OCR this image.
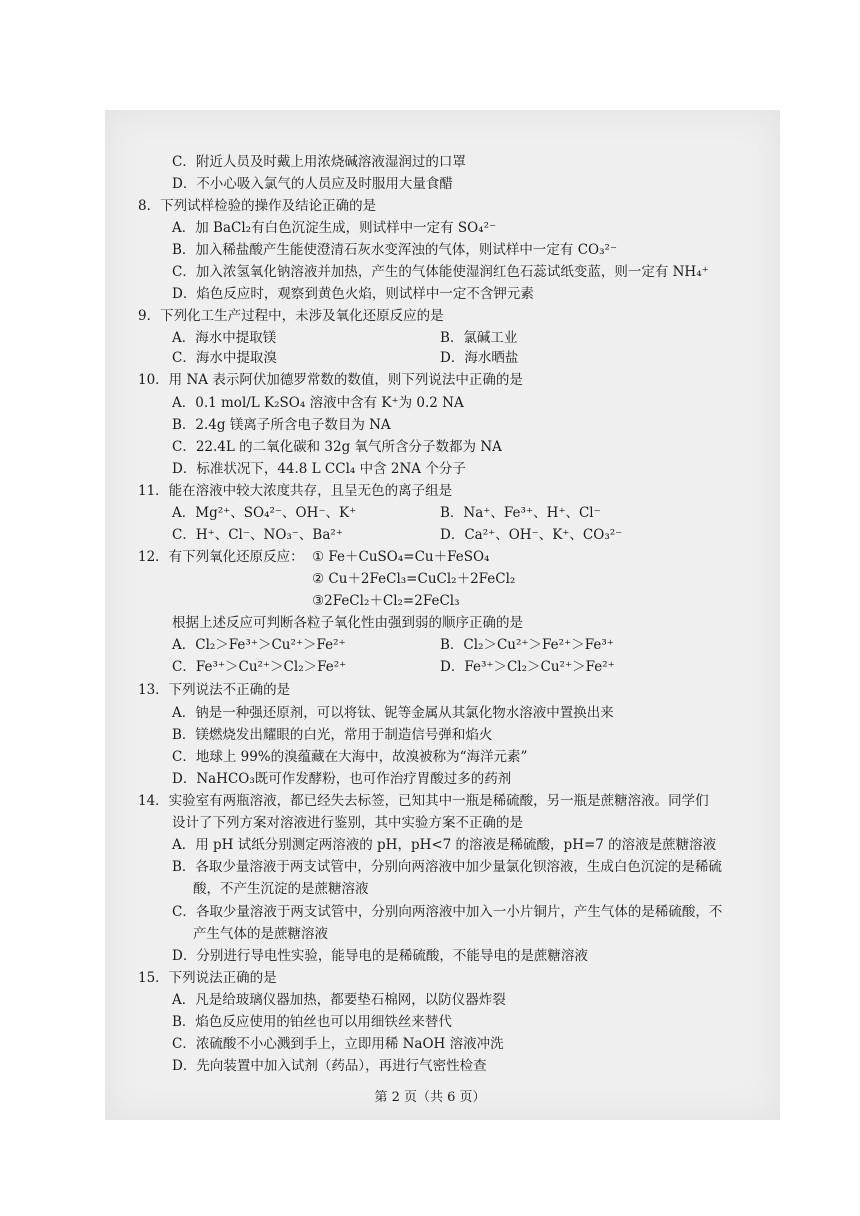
C．附近人员及时戴上用浓烧碱溶液湿润过的口罩
D．不小心吸入氯气的人员应及时服用大量食醋
8．下列试样检验的操作及结论正确的是
A．加 BaCl₂有白色沉淀生成，则试样中一定有 SO₄²⁻
B．加入稀盐酸产生能使澄清石灰水变浑浊的气体，则试样中一定有 CO₃²⁻
C．加入浓氢氧化钠溶液并加热，产生的气体能使湿润红色石蕊试纸变蓝，则一定有 NH₄⁺
D．焰色反应时，观察到黄色火焰，则试样中一定不含钾元素
9．下列化工生产过程中，未涉及氧化还原反应的是
A．海水中提取镁	B．氯碱工业
C．海水中提取溴	D．海水晒盐
10．用 NA 表示阿伏加德罗常数的数值，则下列说法中正确的是
A．0.1 mol/L K₂SO₄ 溶液中含有 K⁺为 0.2 NA
B．2.4g 镁离子所含电子数目为 NA
C．22.4L 的二氧化碳和 32g 氧气所含分子数都为 NA
D．标准状况下，44.8 L CCl₄ 中含 2NA 个分子
11．能在溶液中较大浓度共存，且呈无色的离子组是
A．Mg²⁺、SO₄²⁻、OH⁻、K⁺	B．Na⁺、Fe³⁺、H⁺、Cl⁻
C．H⁺、Cl⁻、NO₃⁻、Ba²⁺	D．Ca²⁺、OH⁻、K⁺、CO₃²⁻
12．有下列氧化还原反应： ① Fe＋CuSO₄=Cu＋FeSO₄
② Cu＋2FeCl₃=CuCl₂＋2FeCl₂
③2FeCl₂＋Cl₂=2FeCl₃
根据上述反应可判断各粒子氧化性由强到弱的顺序正确的是
A．Cl₂＞Fe³⁺＞Cu²⁺＞Fe²⁺	B．Cl₂＞Cu²⁺＞Fe²⁺＞Fe³⁺
C．Fe³⁺＞Cu²⁺＞Cl₂＞Fe²⁺	D．Fe³⁺＞Cl₂＞Cu²⁺＞Fe²⁺
13．下列说法不正确的是
A．钠是一种强还原剂，可以将钛、铌等金属从其氯化物水溶液中置换出来
B．镁燃烧发出耀眼的白光，常用于制造信号弹和焰火
C．地球上 99%的溴蕴藏在大海中，故溴被称为“海洋元素”
D．NaHCO₃既可作发酵粉，也可作治疗胃酸过多的药剂
14．实验室有两瓶溶液，都已经失去标签，已知其中一瓶是稀硫酸，另一瓶是蔗糖溶液。同学们
设计了下列方案对溶液进行鉴别，其中实验方案不正确的是
A．用 pH 试纸分别测定两溶液的 pH，pH<7 的溶液是稀硫酸，pH=7 的溶液是蔗糖溶液
B．各取少量溶液于两支试管中，分别向两溶液中加少量氯化钡溶液，生成白色沉淀的是稀硫
酸，不产生沉淀的是蔗糖溶液
C．各取少量溶液于两支试管中，分别向两溶液中加入一小片铜片，产生气体的是稀硫酸，不
产生气体的是蔗糖溶液
D．分别进行导电性实验，能导电的是稀硫酸，不能导电的是蔗糖溶液
15．下列说法正确的是
A．凡是给玻璃仪器加热，都要垫石棉网，以防仪器炸裂
B．焰色反应使用的铂丝也可以用细铁丝来替代
C．浓硫酸不小心溅到手上，立即用稀 NaOH 溶液冲洗
D．先向装置中加入试剂（药品），再进行气密性检查
第 2 页（共 6 页）
